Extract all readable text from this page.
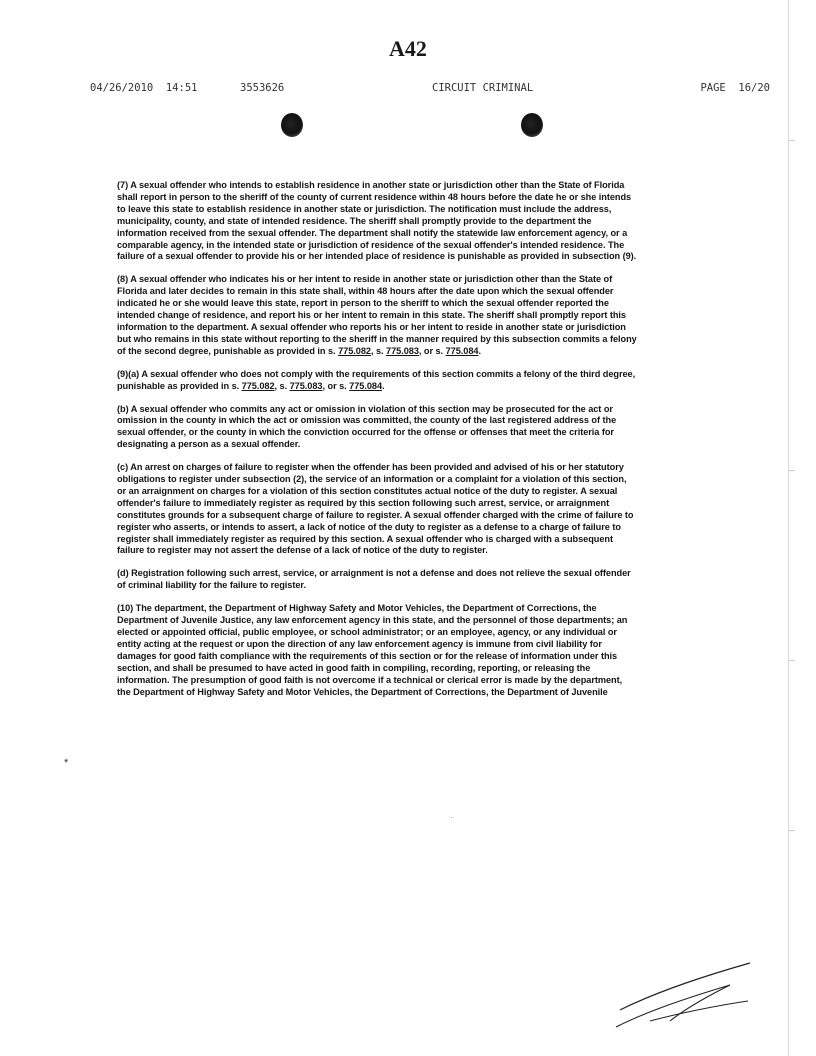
A42
04/26/2010  14:51	3553626	CIRCUIT CRIMINAL	PAGE  16/20

(7) A sexual offender who intends to establish residence in another state or jurisdiction other than the State of Florida shall report in person to the sheriff of the county of current residence within 48 hours before the date he or she intends to leave this state to establish residence in another state or jurisdiction. The notification must include the address, municipality, county, and state of intended residence. The sheriff shall promptly provide to the department the information received from the sexual offender. The department shall notify the statewide law enforcement agency, or a comparable agency, in the intended state or jurisdiction of residence of the sexual offender's intended residence. The failure of a sexual offender to provide his or her intended place of residence is punishable as provided in subsection (9).

(8) A sexual offender who indicates his or her intent to reside in another state or jurisdiction other than the State of Florida and later decides to remain in this state shall, within 48 hours after the date upon which the sexual offender indicated he or she would leave this state, report in person to the sheriff to which the sexual offender reported the intended change of residence, and report his or her intent to remain in this state. The sheriff shall promptly report this information to the department. A sexual offender who reports his or her intent to reside in another state or jurisdiction but who remains in this state without reporting to the sheriff in the manner required by this subsection commits a felony of the second degree, punishable as provided in s. 775.082, s. 775.083, or s. 775.084.

(9)(a) A sexual offender who does not comply with the requirements of this section commits a felony of the third degree, punishable as provided in s. 775.082, s. 775.083, or s. 775.084.

(b) A sexual offender who commits any act or omission in violation of this section may be prosecuted for the act or omission in the county in which the act or omission was committed, the county of the last registered address of the sexual offender, or the county in which the conviction occurred for the offense or offenses that meet the criteria for designating a person as a sexual offender.

(c) An arrest on charges of failure to register when the offender has been provided and advised of his or her statutory obligations to register under subsection (2), the service of an information or a complaint for a violation of this section, or an arraignment on charges for a violation of this section constitutes actual notice of the duty to register. A sexual offender's failure to immediately register as required by this section following such arrest, service, or arraignment constitutes grounds for a subsequent charge of failure to register. A sexual offender charged with the crime of failure to register who asserts, or intends to assert, a lack of notice of the duty to register as a defense to a charge of failure to register shall immediately register as required by this section. A sexual offender who is charged with a subsequent failure to register may not assert the defense of a lack of notice of the duty to register.

(d) Registration following such arrest, service, or arraignment is not a defense and does not relieve the sexual offender of criminal liability for the failure to register.

(10) The department, the Department of Highway Safety and Motor Vehicles, the Department of Corrections, the Department of Juvenile Justice, any law enforcement agency in this state, and the personnel of those departments; an elected or appointed official, public employee, or school administrator; or an employee, agency, or any individual or entity acting at the request or upon the direction of any law enforcement agency is immune from civil liability for damages for good faith compliance with the requirements of this section or for the release of information under this section, and shall be presumed to have acted in good faith in compiling, recording, reporting, or releasing the information. The presumption of good faith is not overcome if a technical or clerical error is made by the department, the Department of Highway Safety and Motor Vehicles, the Department of Corrections, the Department of Juvenile

*
·
